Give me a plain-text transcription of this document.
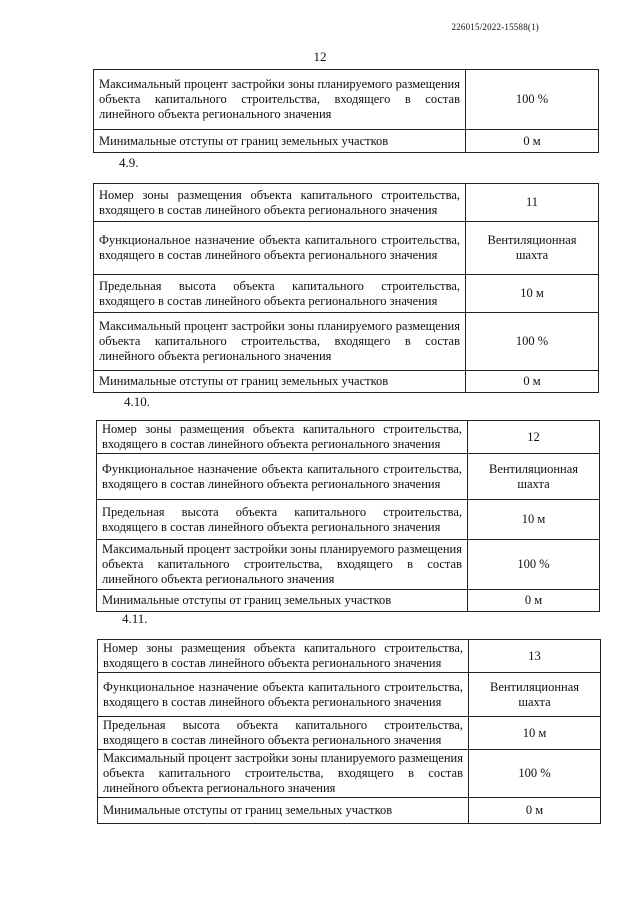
226015/2022-15588(1)
12
Максимальный процент застройки зоны планируемого размещения объекта капитального строительства, входящего в состав линейного объекта регионального значения	100 %
Минимальные отступы от границ земельных участков	0 м
4.9.
Номер зоны размещения объекта капитального строительства, входящего в состав линейного объекта регионального значения	11
Функциональное назначение объекта капитального строительства, входящего в состав линейного объекта регионального значения	Вентиляционная шахта
Предельная высота объекта капитального строительства, входящего в состав линейного объекта регионального значения	10 м
Максимальный процент застройки зоны планируемого размещения объекта капитального строительства, входящего в состав линейного объекта регионального значения	100 %
Минимальные отступы от границ земельных участков	0 м
4.10.
Номер зоны размещения объекта капитального строительства, входящего в состав линейного объекта регионального значения	12
Функциональное назначение объекта капитального строительства, входящего в состав линейного объекта регионального значения	Вентиляционная шахта
Предельная высота объекта капитального строительства, входящего в состав линейного объекта регионального значения	10 м
Максимальный процент застройки зоны планируемого размещения объекта капитального строительства, входящего в состав линейного объекта регионального значения	100 %
Минимальные отступы от границ земельных участков	0 м
4.11.
Номер зоны размещения объекта капитального строительства, входящего в состав линейного объекта регионального значения	13
Функциональное назначение объекта капитального строительства, входящего в состав линейного объекта регионального значения	Вентиляционная шахта
Предельная высота объекта капитального строительства, входящего в состав линейного объекта регионального значения	10 м
Максимальный процент застройки зоны планируемого размещения объекта капитального строительства, входящего в состав линейного объекта регионального значения	100 %
Минимальные отступы от границ земельных участков	0 м
